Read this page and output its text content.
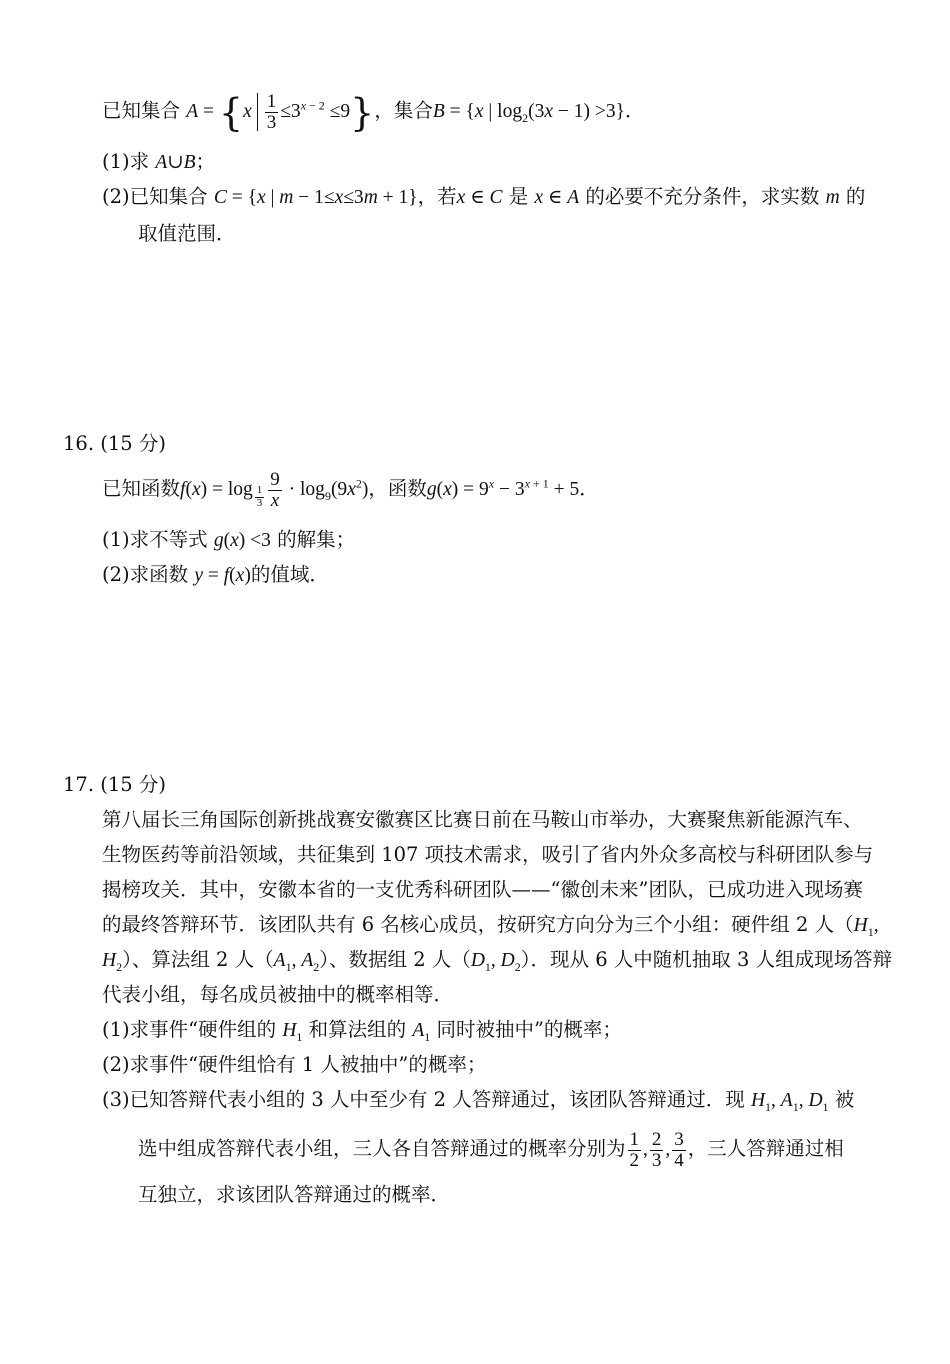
已知集合 $A = \{x \frac{1}{3} \le 3^{x - 2} \le 9\}$，集合B = {x | $\log_2(3x - 1) >3$}．
(1)求 A∪B；
(2)已知集合 C = {x | m − 1≤x≤3m + 1}，若x ∈ C 是 x ∈ A 的必要不充分条件，求实数 m 的
取值范围．
16. (15 分)
已知函数$f(x) = \log _{\frac{1}{3}} \frac{9}{x} \cdot \log_9(9x^2)$，函数$g(x) = 9^x - 3^{x + 1} + 5$．
(1)求不等式 g(x) <3 的解集；
(2)求函数 y = f(x)的值域．
17. (15 分)
第八届长三角国际创新挑战赛安徽赛区比赛日前在马鞍山市举办，大赛聚焦新能源汽车、
生物医药等前沿领域，共征集到 107 项技术需求，吸引了省内外众多高校与科研团队参与
揭榜攻关．其中，安徽本省的一支优秀科研团队——“徽创未来”团队，已成功进入现场赛
的最终答辩环节．该团队共有 6 名核心成员，按研究方向分为三个小组：硬件组 2 人（$H_1$,
$H_2$）、算法组 2 人（$A_1$, $A_2$）、数据组 2 人（$D_1$, $D_2$）．现从 6 人中随机抽取 3 人组成现场答辩
代表小组，每名成员被抽中的概率相等．
(1)求事件“硬件组的 $H_1$ 和算法组的 $A_1$ 同时被抽中”的概率；
(2)求事件“硬件组恰有 1 人被抽中”的概率；
(3)已知答辩代表小组的 3 人中至少有 2 人答辩通过，该团队答辩通过．现 $H_1$, $A_1$, $D_1$ 被
选中组成答辩代表小组，三人各自答辩通过的概率分别为 $\frac{1}{2}$ , $\frac{2}{3}$ , $\frac{3}{4}$ ，三人答辩通过相
互独立，求该团队答辩通过的概率．
